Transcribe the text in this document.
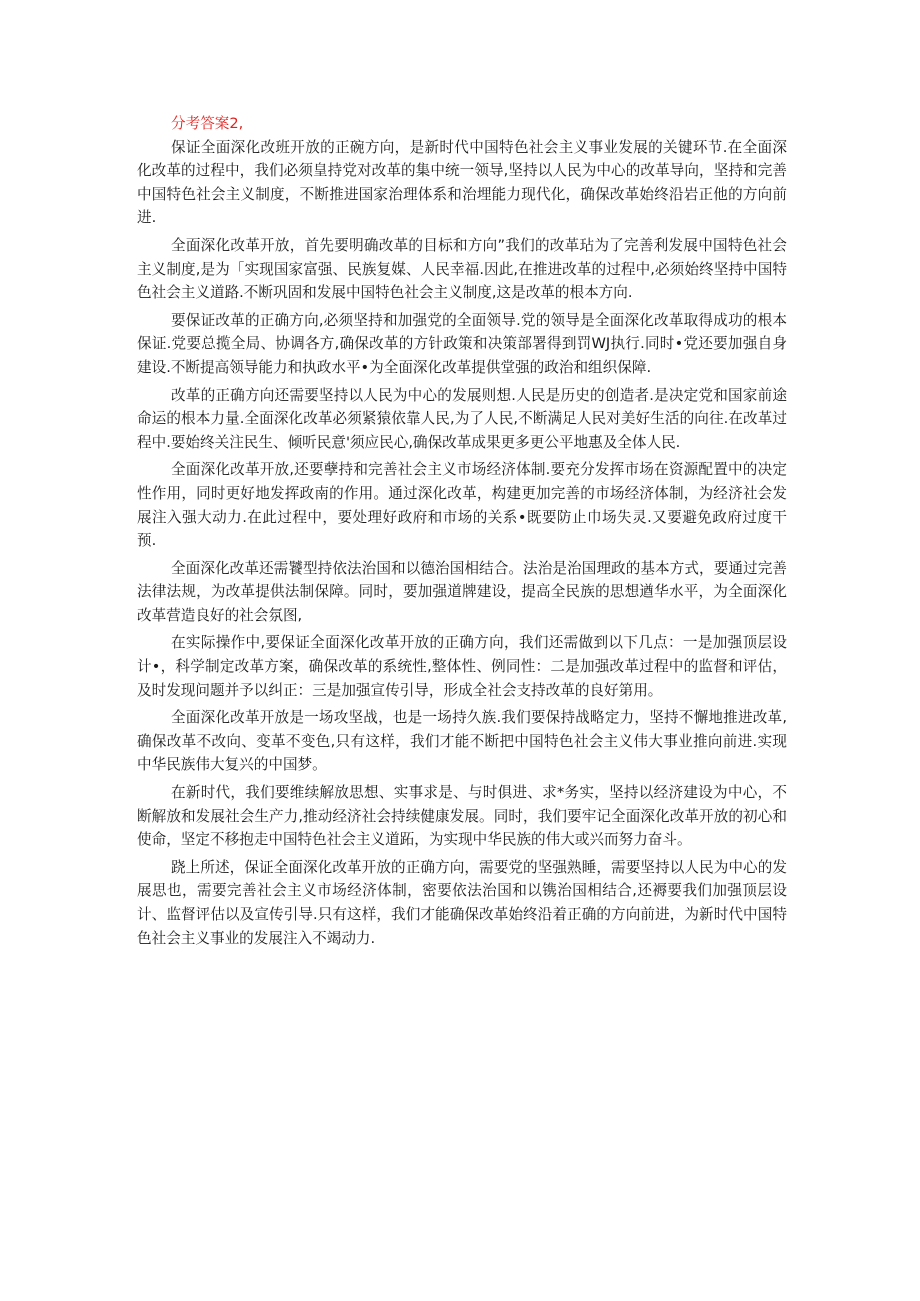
分考答案2,

保证全面深化改班开放的正碗方向，是新时代中国特色社会主义事业发展的关键环节.在全面深化改革的过程中，我们必须皇持党对改革的集中统一领导,坚持以人民为中心的改革导向，坚持和完善中国特色社会主义制度，不断推进国家治理体系和治埋能力现代化，确保改革始终沿岩正他的方向前进.

全面深化改革开放，首先要明确改革的目标和方向”我们的改革玷为了完善利发展中国特色社会主义制度,是为「实现国家富强、民族复媒、人民幸福.因此,在推进改革的过程中,必须始终坚持中国特色社会主义道路.不断巩固和发展中国特色社会主义制度,这是改革的根本方向.

要保证改革的正确方向,必须坚持和加强党的全面领导.党的领导是全面深化改革取得成功的根本保证.党要总揽全局、协调各方,确保改革的方针政策和决策部署得到罚WJ执行.同时•党还要加强自身建设.不断提高领导能力和执政水平•为全面深化改革提供堂强的政治和组织保障.

改革的正确方向还需要坚持以人民为中心的发展则想.人民是历史的创造者.是决定党和国家前途命运的根本力量.全面深化改革必须紧猿依靠人民,为了人民,不断满足人民对美好生活的向往.在改革过程中.要始终关注民生、倾听民意'须应民心,确保改革成果更多更公平地惠及全体人民.

全面深化改革开放,还要孽持和完善社会主义市场经济体制.要充分发挥市场在资源配置中的决定性作用，同时更好地发挥政南的作用。通过深化改革，构建更加完善的市场经济体制，为经济社会发展注入强大动力.在此过程中，要处理好政府和市场的关系•既要防止巾场失灵.又要避免政府过度干预.

全面深化改革还需饕型持依法治国和以德治国相结合。法治是治国理政的基本方式，要通过完善法律法规，为改革提供法制保障。同时，要加强道牌建设，提高全民族的思想遒华水平，为全面深化改革营造良好的社会氛图,

在实际操作中,要保证全面深化改革开放的正确方向，我们还需做到以下几点：一是加强顶层设计•，科学制定改革方案，确保改革的系统性,整体性、例同性：二是加强改革过程中的监督和评估，及时发现问题并予以纠正：三是加强宣传引导，形成全社会支持改革的良好第用。

全面深化改革开放是一场攻坚战，也是一场持久族.我们要保持战略定力，坚持不懈地推进改革,确保改革不改向、变革不变色,只有这样，我们才能不断把中国特色社会主义伟大事业推向前进.实现中华民族伟大复兴的中国梦。

在新时代，我们要维续解放思想、实事求是、与时俱进、求*务实，坚持以经济建设为中心，不断解放和发展社会生产力,推动经济社会持续健康发展。同时，我们要牢记全面深化改革开放的初心和使命，坚定不移抱走中国特色社会主义道跖，为实现中华民族的伟大或兴而努力奋斗。

跷上所述，保证全面深化改革开放的正确方向，需要党的坚强熟睡，需要坚持以人民为中心的发展思也，需要完善社会主义市场经济体制，密要依法治国和以镌治国相结合,还褥要我们加强顶层设计、监督评估以及宣传引导.只有这样，我们才能确保改革始终沿着正确的方向前进，为新时代中国特色社会主义事业的发展注入不竭动力.
